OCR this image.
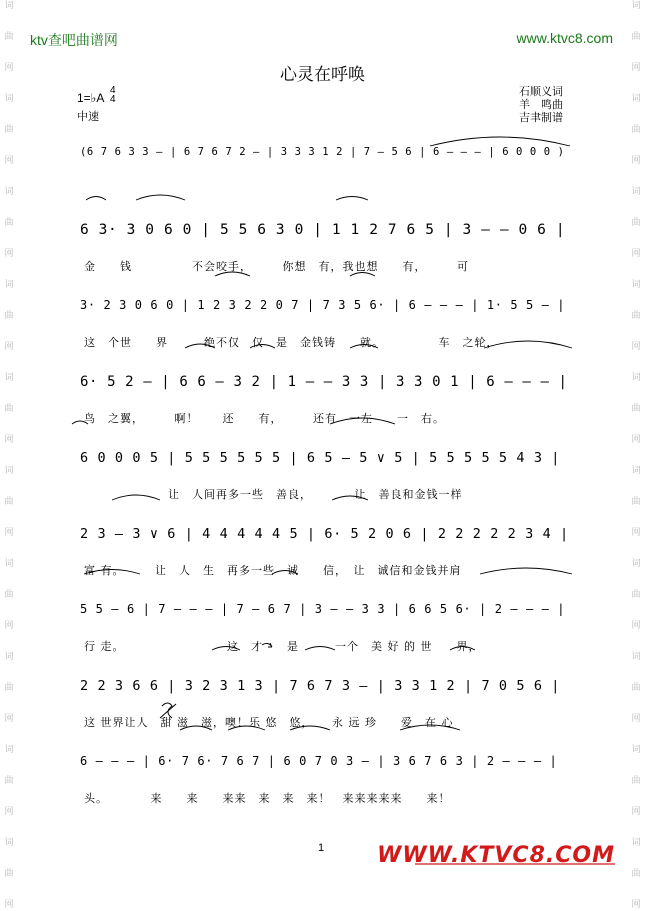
词
曲
网
词
曲
网
词
曲
网
词
曲
网
词
曲
网
词
曲
网
词
曲
网
词
曲
网
词
曲
网
词
曲
网
词
曲
网
词
曲
网
词
曲
网
词
曲
网
词
曲
网
词
曲
网
词
曲
网
词
曲
网
词
曲
网
词
曲
网
ktv查吧曲谱网	www.ktvc8.com
心灵在呼唤
1=♭A
4
4
中速
石顺义词
羊　鸣曲
吉聿制谱
(6 7 6 3 3 — | 6 7 6 7 2 — | 3 3 3 1 2 | 7 — 5 6 | 6 — — — | 6 0 0 0 )
6 3· 3 0 6 0 | 5 5 6 3 0 | 1 1 2 7 6 5 | 3 — — 0 6 |
金　　钱　　　　　不会咬手，　　　你想　有，我也想　　有，　　　可
3· 2 3 0 6 0 | 1 2 3 2 2 0 7 | 7 3 5 6· | 6 — — — | 1· 5 5 — |
这　个世　　界　　　绝不仅　仅　是　金钱铸　　就。　　　　　车　之轮，
6· 5 2 — | 6 6 — 3 2 | 1 — — 3 3 | 3 3 0 1 | 6 — — — |
鸟　之翼，　　　啊！　　还　　有，　　　还有　一左　　一　右。
6 0 0 0 5 | 5 5 5 5 5 5 | 6 5 — 5 ∨ 5 | 5 5 5 5 5 4 3 |
　　　　　　　让　人间再多一些　善良，　　　　让　善良和金钱一样
2 3 — 3 ∨ 6 | 4 4 4 4 4 5 | 6· 5 2 0 6 | 2 2 2 2 2 3 4 |
富 有。　　　让　人　生　再多一些　诚　　信，　让　诚信和金钱并肩
5 5 — 6 | 7 — — — | 7 — 6 7 | 3 — — 3 3 | 6 6 5 6· | 2 — — — |
行 走。　　　　　　　　　这　才　　是　　　一个　美 好 的 世　　界，
2 2 3 6 6 | 3 2 3 1 3 | 7 6 7 3 — | 3 3 1 2 | 7 0 5 6 |
这 世界让人　甜 滋　滋，噢！乐 悠　悠，　　永 远 珍　　爱　在 心
6 — — — | 6· 7 6· 7 6 7 | 6 0 7 0 3 — | 3 6 7 6 3 | 2 — — — |
头。　　　　来　　来　　来来　来　来　来！　来来来来来　　来！
1 WWW.KTVC8.COM
